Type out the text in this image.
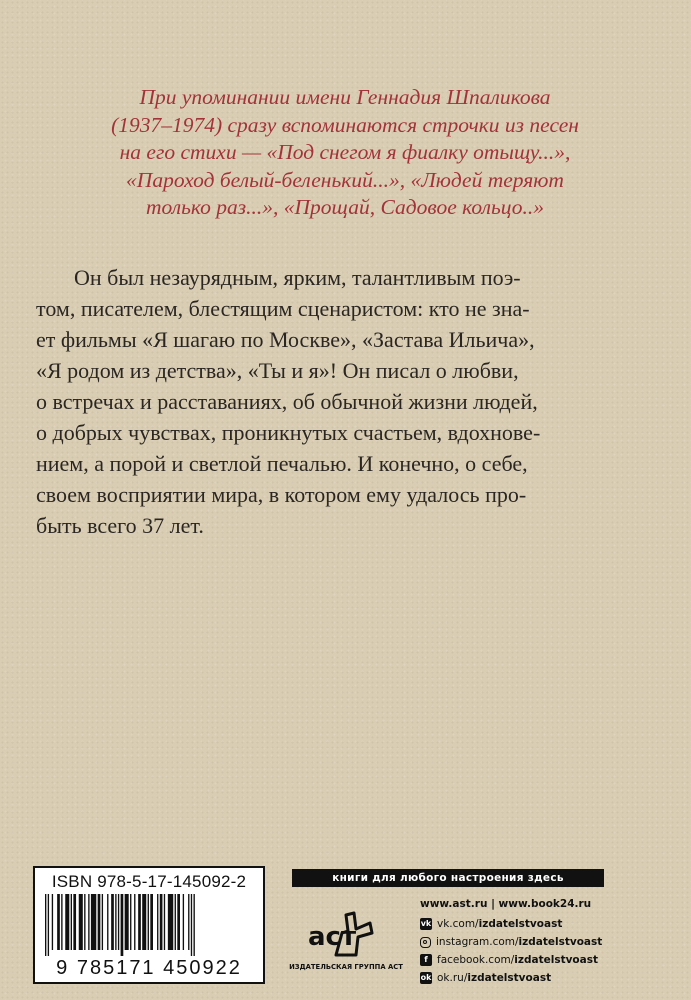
При упоминании имени Геннадия Шпаликова
(1937–1974) сразу вспоминаются строчки из песен
на его стихи — «Под снегом я фиалку отыщу...»,
«Пароход белый-беленький...», «Людей теряют
только раз...», «Прощай, Садовое кольцо..»

Он был незаурядным, ярким, талантливым поэ-
том, писателем, блестящим сценаристом: кто не зна-
ет фильмы «Я шагаю по Москве», «Застава Ильича»,
«Я родом из детства», «Ты и я»! Он писал о любви,
о встречах и расставаниях, об обычной жизни людей,
о добрых чувствах, проникнутых счастьем, вдохнове-
нием, а порой и светлой печалью. И конечно, о себе,
своем восприятии мира, в котором ему удалось про-
быть всего 37 лет.

ISBN 978-5-17-145092-2
9 785171 450922
книги для любого настроения здесь
аст
ИЗДАТЕЛЬСКАЯ ГРУППА АСТ
www.ast.ru | www.book24.ru
vk vk.com/ izdatelstvoast
instagram.com/ izdatelstvoast
f facebook.com/ izdatelstvoast
ok ok.ru/ izdatelstvoast
